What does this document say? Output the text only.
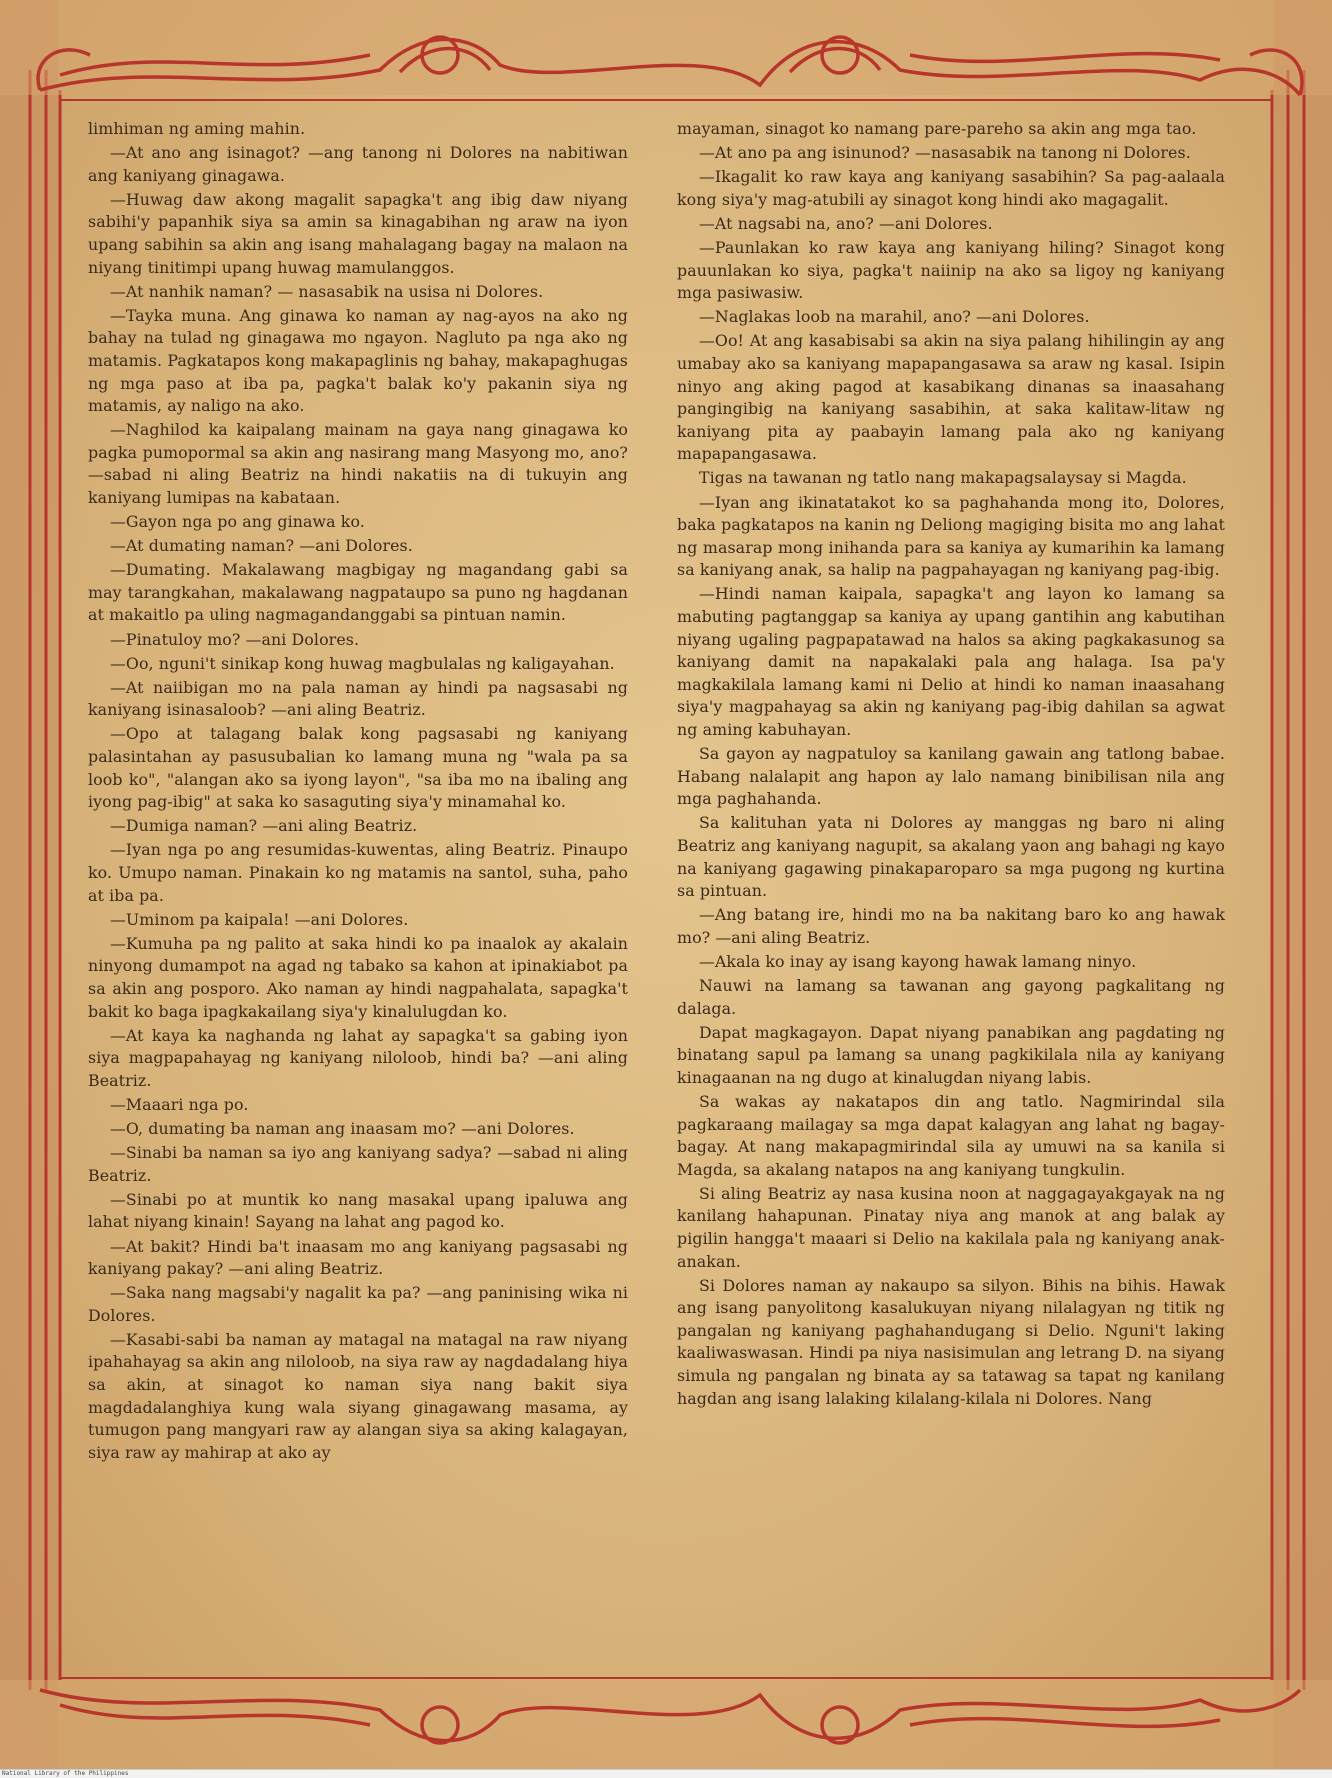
limhiman ng aming mahin.

—At ano ang isinagot? —ang tanong ni Dolores na nabitiwan ang kaniyang ginagawa.

—Huwag daw akong magalit sapagka't ang ibig daw niyang sabihi'y papanhik siya sa amin sa kinagabihan ng araw na iyon upang sabihin sa akin ang isang mahalagang bagay na malaon na niyang tinitimpi upang huwag mamulanggos.

—At nanhik naman? — nasasabik na usisa ni Dolores.

—Tayka muna. Ang ginawa ko naman ay nag-ayos na ako ng bahay na tulad ng ginagawa mo ngayon. Nagluto pa nga ako ng matamis. Pagkatapos kong makapaglinis ng bahay, makapaghugas ng mga paso at iba pa, pagka't balak ko'y pakanin siya ng matamis, ay naligo na ako.

—Naghilod ka kaipalang mainam na gaya nang ginagawa ko pagka pumopormal sa akin ang nasirang mang Masyong mo, ano? —sabad ni aling Beatriz na hindi nakatiis na di tukuyin ang kaniyang lumipas na kabataan.

—Gayon nga po ang ginawa ko.

—At dumating naman? —ani Dolores.

—Dumating. Makalawang magbigay ng magandang gabi sa may tarangkahan, makalawang nagpataupo sa puno ng hagdanan at makaitlo pa uling nagmagandanggabi sa pintuan namin.

—Pinatuloy mo? —ani Dolores.

—Oo, nguni't sinikap kong huwag magbulalas ng kaligayahan.

—At naiibigan mo na pala naman ay hindi pa nagsasabi ng kaniyang isinasaloob? —ani aling Beatriz.

—Opo at talagang balak kong pagsasabi ng kaniyang palasintahan ay pasusubalian ko lamang muna ng "wala pa sa loob ko", "alangan ako sa iyong layon", "sa iba mo na ibaling ang iyong pag-ibig" at saka ko sasaguting siya'y minamahal ko.

—Dumiga naman? —ani aling Beatriz.

—Iyan nga po ang resumidas-kuwentas, aling Beatriz. Pinaupo ko. Umupo naman. Pinakain ko ng matamis na santol, suha, paho at iba pa.

—Uminom pa kaipala! —ani Dolores.

—Kumuha pa ng palito at saka hindi ko pa inaalok ay akalain ninyong dumampot na agad ng tabako sa kahon at ipinakiabot pa sa akin ang posporo. Ako naman ay hindi nagpahalata, sapagka't bakit ko baga ipagkakailang siya'y kinalulugdan ko.

—At kaya ka naghanda ng lahat ay sapagka't sa gabing iyon siya magpapahayag ng kaniyang niloloob, hindi ba? —ani aling Beatriz.

—Maaari nga po.

—O, dumating ba naman ang inaasam mo? —ani Dolores.

—Sinabi ba naman sa iyo ang kaniyang sadya? —sabad ni aling Beatriz.

—Sinabi po at muntik ko nang masakal upang ipaluwa ang lahat niyang kinain! Sayang na lahat ang pagod ko.

—At bakit? Hindi ba't inaasam mo ang kaniyang pagsasabi ng kaniyang pakay? —ani aling Beatriz.

—Saka nang magsabi'y nagalit ka pa? —ang paninising wika ni Dolores.

—Kasabi-sabi ba naman ay matagal na matagal na raw niyang ipahahayag sa akin ang niloloob, na siya raw ay nagdadalang hiya sa akin, at sinagot ko naman siya nang bakit siya magdadalanghiya kung wala siyang ginagawang masama, ay tumugon pang mangyari raw ay alangan siya sa aking kalagayan, siya raw ay mahirap at ako ay

mayaman, sinagot ko namang pare-pareho sa akin ang mga tao.

—At ano pa ang isinunod? —nasasabik na tanong ni Dolores.

—Ikagalit ko raw kaya ang kaniyang sasabihin? Sa pag-aalaala kong siya'y mag-atubili ay sinagot kong hindi ako magagalit.

—At nagsabi na, ano? —ani Dolores.

—Paunlakan ko raw kaya ang kaniyang hiling? Sinagot kong pauunlakan ko siya, pagka't naiinip na ako sa ligoy ng kaniyang mga pasiwasiw.

—Naglakas loob na marahil, ano? —ani Dolores.

—Oo! At ang kasabisabi sa akin na siya palang hihilingin ay ang umabay ako sa kaniyang mapapangasawa sa araw ng kasal. Isipin ninyo ang aking pagod at kasabikang dinanas sa inaasahang pangingibig na kaniyang sasabihin, at saka kalitaw-litaw ng kaniyang pita ay paabayin lamang pala ako ng kaniyang mapapangasawa.

Tigas na tawanan ng tatlo nang makapagsalaysay si Magda.

—Iyan ang ikinatatakot ko sa paghahanda mong ito, Dolores, baka pagkatapos na kanin ng Deliong magiging bisita mo ang lahat ng masarap mong inihanda para sa kaniya ay kumarihin ka lamang sa kaniyang anak, sa halip na pagpahayagan ng kaniyang pag-ibig.

—Hindi naman kaipala, sapagka't ang layon ko lamang sa mabuting pagtanggap sa kaniya ay upang gantihin ang kabutihan niyang ugaling pagpapatawad na halos sa aking pagkakasunog sa kaniyang damit na napakalaki pala ang halaga. Isa pa'y magkakilala lamang kami ni Delio at hindi ko naman inaasahang siya'y magpahayag sa akin ng kaniyang pag-ibig dahilan sa agwat ng aming kabuhayan.

Sa gayon ay nagpatuloy sa kanilang gawain ang tatlong babae. Habang nalalapit ang hapon ay lalo namang binibilisan nila ang mga paghahanda.

Sa kalituhan yata ni Dolores ay manggas ng baro ni aling Beatriz ang kaniyang nagupit, sa akalang yaon ang bahagi ng kayo na kaniyang gagawing pinakaparoparo sa mga pugong ng kurtina sa pintuan.

—Ang batang ire, hindi mo na ba nakitang baro ko ang hawak mo? —ani aling Beatriz.

—Akala ko inay ay isang kayong hawak lamang ninyo.

Nauwi na lamang sa tawanan ang gayong pagkalitang ng dalaga.

Dapat magkagayon. Dapat niyang panabikan ang pagdating ng binatang sapul pa lamang sa unang pagkikilala nila ay kaniyang kinagaanan na ng dugo at kinalugdan niyang labis.

Sa wakas ay nakatapos din ang tatlo. Nagmirindal sila pagkaraang mailagay sa mga dapat kalagyan ang lahat ng bagay-bagay. At nang makapagmirindal sila ay umuwi na sa kanila si Magda, sa akalang natapos na ang kaniyang tungkulin.

Si aling Beatriz ay nasa kusina noon at naggagayakgayak na ng kanilang hahapunan. Pinatay niya ang manok at ang balak ay pigilin hangga't maaari si Delio na kakilala pala ng kaniyang anak-anakan.

Si Dolores naman ay nakaupo sa silyon. Bihis na bihis. Hawak ang isang panyolitong kasalukuyan niyang nilalagyan ng titik ng pangalan ng kaniyang paghahandugang si Delio. Nguni't laking kaaliwaswasan. Hindi pa niya nasisimulan ang letrang D. na siyang simula ng pangalan ng binata ay sa tatawag sa tapat ng kanilang hagdan ang isang lalaking kilalang-kilala ni Dolores. Nang

National Library of the Philippines
